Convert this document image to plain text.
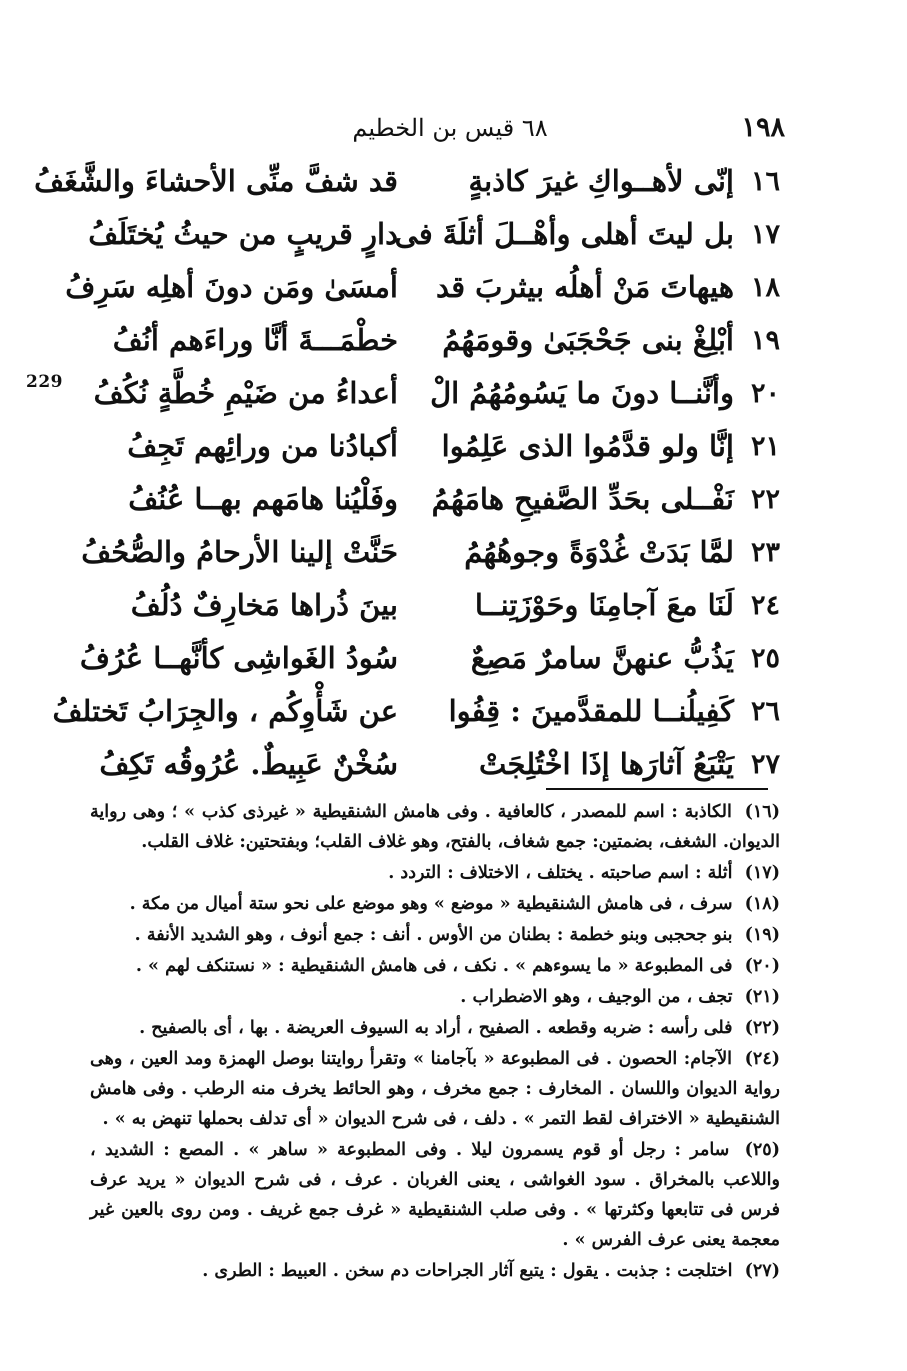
١٩٨
٦٨ قيس بن الخطيم
229
١٦
إنّى لأهــواكِ غيرَ كاذبةٍ
قد شفَّ منِّى الأحشاءَ والشَّغَفُ
١٧
بل ليتَ أهلى وأهْــلَ أثلَةَ فى
دارٍ قريبٍ من حيثُ يُختَلَفُ
١٨
هيهاتَ مَنْ أهلُه بيثربَ قد
أمسَىٰ ومَن دونَ أهلِه سَرِفُ
١٩
أبْلِغْ بنى جَحْجَبَىٰ وقومَهُمُ
خطْمَـــةَ أنَّا وراءَهم أنُفُ
٢٠
وأنَّنــا دونَ ما يَسُومُهُمُ الْ
أعداءُ من ضَيْمِ خُطَّةٍ نُكُفُ
٢١
إنَّا ولو قدَّمُوا الذى عَلِمُوا
أكبادُنا من ورائِهم تَجِفُ
٢٢
نَفْــلى بحَدِّ الصَّفيحِ هامَهُمُ
وفَلْيُنا هامَهم بهــا عُنُفُ
٢٣
لمَّا بَدَتْ غُدْوَةً وجوهُهُمُ
حَنَّتْ إلينا الأرحامُ والصُّحُفُ
٢٤
لَنَا معَ آجامِنَا وحَوْزَتِنــا
بينَ ذُراها مَخارِفٌ دُلُفُ
٢٥
يَذُبُّ عنهنَّ سامرٌ مَصِعٌ
سُودُ الغَواشِى كأنَّهــا عُرُفُ
٢٦
كَفِيلُنــا للمقدَّمينَ : قِفُوا
عن شَأْوِكُم ، والجِرَابُ تَختلفُ
٢٧
يَتْبَعُ آثارَها إذَا اخْتُلِجَتْ
سُخْنٌ عَبِيطٌ. عُرُوقُه تَكِفُ

(١٦) الكاذبة : اسم للمصدر ، كالعافية . وفى هامش الشنقيطية « غيرذى كذب » ؛ وهى رواية الديوان. الشغف، بضمتين: جمع شغاف، بالفتح، وهو غلاف القلب؛ وبفتحتين: غلاف القلب.

(١٧) أثلة : اسم صاحبته . يختلف ، الاختلاف : التردد .

(١٨) سرف ، فى هامش الشنقيطية « موضع » وهو موضع على نحو ستة أميال من مكة .

(١٩) بنو جحجبى وبنو خطمة : بطنان من الأوس . أنف : جمع أنوف ، وهو الشديد الأنفة .

(٢٠) فى المطبوعة « ما يسوءهم » . نكف ، فى هامش الشنقيطية : « نستنكف لهم » .

(٢١) تجف ، من الوجيف ، وهو الاضطراب .

(٢٢) فلى رأسه : ضربه وقطعه . الصفيح ، أراد به السيوف العريضة . بها ، أى بالصفيح .

(٢٤) الآجام: الحصون . فى المطبوعة « بآجامنا » وتقرأ روايتنا بوصل الهمزة ومد العين ، وهى رواية الديوان واللسان . المخارف : جمع مخرف ، وهو الحائط يخرف منه الرطب . وفى هامش الشنقيطية « الاختراف لقط التمر » . دلف ، فى شرح الديوان « أى تدلف بحملها تنهض به » .

(٢٥) سامر : رجل أو قوم يسمرون ليلا . وفى المطبوعة « ساهر » . المصع : الشديد ، واللاعب بالمخراق . سود الغواشى ، يعنى الغربان . عرف ، فى شرح الديوان « يريد عرف فرس فى تتابعها وكثرتها » . وفى صلب الشنقيطية « غرف جمع غريف . ومن روى بالعين غير معجمة يعنى عرف الفرس » .

(٢٧) اختلجت : جذبت . يقول : يتبع آثار الجراحات دم سخن . العبيط : الطرى .
